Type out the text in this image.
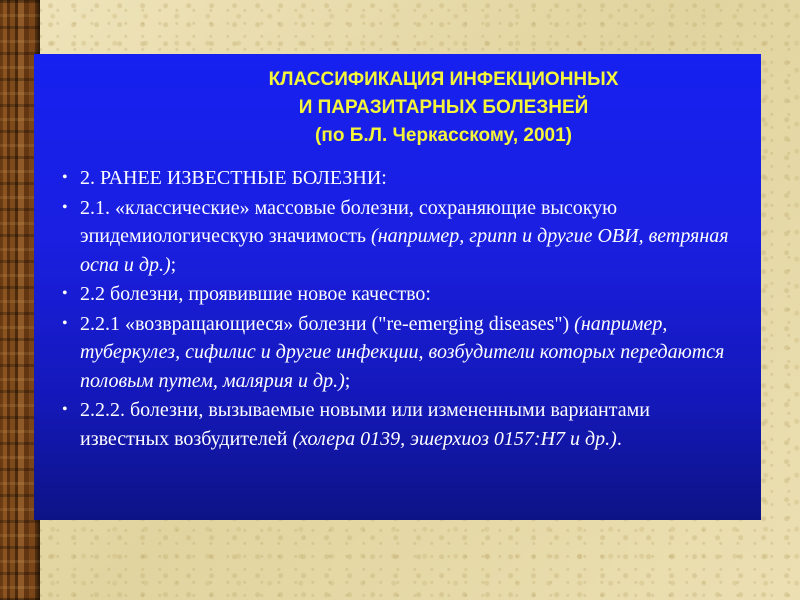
КЛАССИФИКАЦИЯ ИНФЕКЦИОННЫХ
И ПАРАЗИТАРНЫХ БОЛЕЗНЕЙ
(по Б.Л. Черкасскому, 2001)
• 2. РАНЕЕ ИЗВЕСТНЫЕ БОЛЕЗНИ:
• 2.1. «классические» массовые болезни, сохраняющие высокую эпидемиологическую значимость (например, грипп и другие ОВИ, ветряная оспа и др.);
• 2.2 болезни, проявившие новое качество:
• 2.2.1 «возвращающиеся» болезни ("re-emerging diseases") (например, туберкулез, сифилис и другие инфекции, возбудители которых передаются половым путем, малярия и др.);
• 2.2.2. болезни, вызываемые новыми или измененными вариантами известных возбудителей (холера 0139, эшерхиоз 0157:Н7 и др.).
